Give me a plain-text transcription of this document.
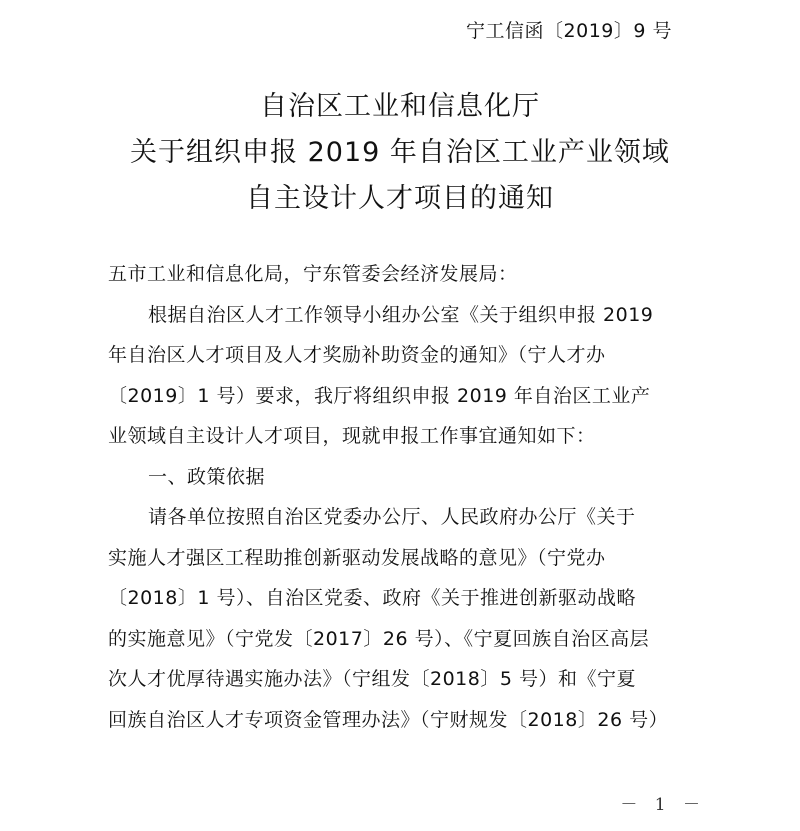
宁工信函〔2019〕9 号
自治区工业和信息化厅
关于组织申报 2019 年自治区工业产业领域
自主设计人才项目的通知

五市工业和信息化局，宁东管委会经济发展局：

根据自治区人才工作领导小组办公室《关于组织申报 2019

年自治区人才项目及人才奖励补助资金的通知》（宁人才办

〔2019〕1 号）要求，我厅将组织申报 2019 年自治区工业产

业领域自主设计人才项目，现就申报工作事宜通知如下：

一、政策依据

请各单位按照自治区党委办公厅、人民政府办公厅《关于

实施人才强区工程助推创新驱动发展战略的意见》（宁党办

〔2018〕1 号）、自治区党委、政府《关于推进创新驱动战略

的实施意见》（宁党发〔2017〕26 号）、《宁夏回族自治区高层

次人才优厚待遇实施办法》（宁组发〔2018〕5 号）和《宁夏

回族自治区人才专项资金管理办法》（宁财规发〔2018〕26 号）

－ 1 －
